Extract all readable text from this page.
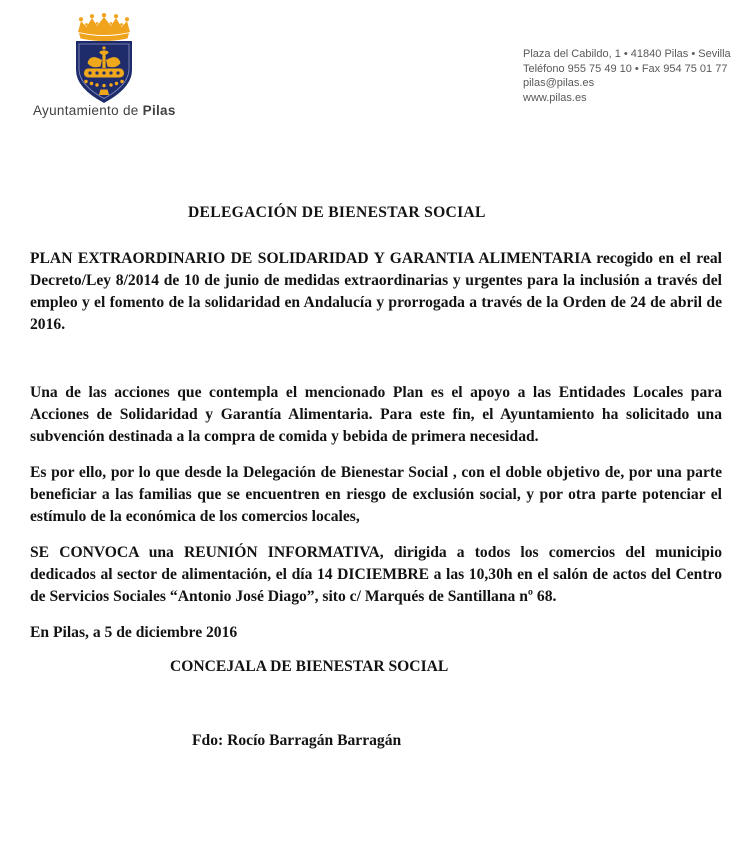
Ayuntamiento de Pilas
Plaza del Cabildo, 1 • 41840 Pilas • Sevilla
Teléfono 955 75 49 10 • Fax 954 75 01 77
pilas@pilas.es
www.pilas.es
DELEGACIÓN DE BIENESTAR SOCIAL

PLAN EXTRAORDINARIO DE SOLIDARIDAD Y GARANTIA ALIMENTARIA recogido en el real Decreto/Ley 8/2014 de 10 de junio de medidas extraordinarias y urgentes para la inclusión a través del empleo y el fomento de la solidaridad en Andalucía y prorrogada a través de la Orden de 24 de abril de 2016.

Una de las acciones que contempla el mencionado Plan es el apoyo a las Entidades Locales para Acciones de Solidaridad y Garantía Alimentaria. Para este fin, el Ayuntamiento ha solicitado una subvención destinada a la compra de comida y bebida de primera necesidad.

Es por ello, por lo que desde la Delegación de Bienestar Social , con el doble objetivo de, por una parte beneficiar a las familias que se encuentren en riesgo de exclusión social, y por otra parte potenciar el estímulo de la económica de los comercios locales,

SE CONVOCA una REUNIÓN INFORMATIVA, dirigida a todos los comercios del municipio dedicados al sector de alimentación, el día 14 DICIEMBRE a las 10,30h en el salón de actos del Centro de Servicios Sociales “Antonio José Diago”, sito c/ Marqués de Santillana nº 68.

En Pilas, a 5 de diciembre 2016

CONCEJALA DE BIENESTAR SOCIAL

Fdo: Rocío Barragán Barragán
